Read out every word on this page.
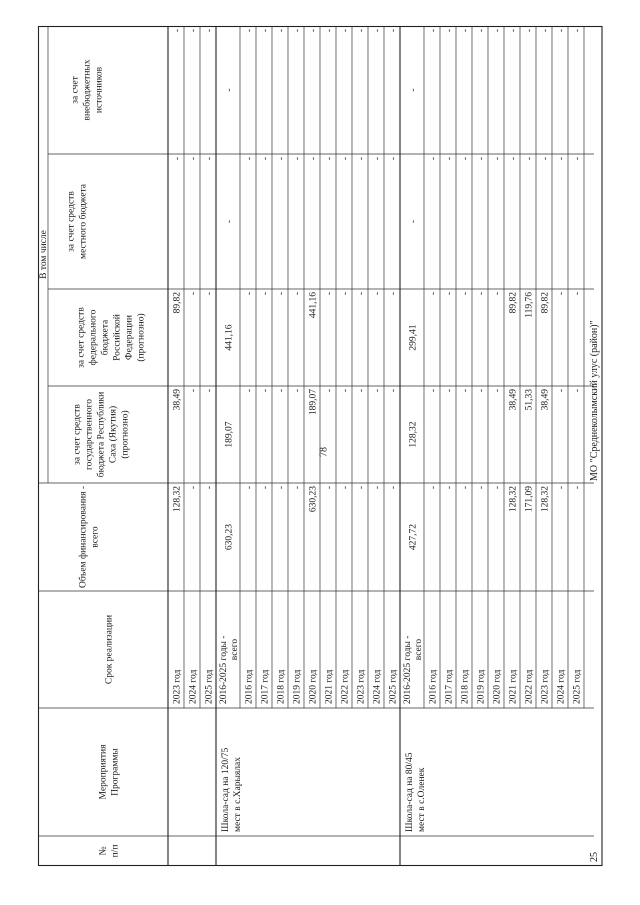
78
№ п/п
Мероприятия Программы
Срок реализации
Объем финансирования - всего
В том числе
за счет средств государственного бюджета Республики Саха (Якутия) (прогнозно)
за счет средств федерального бюджета Российской Федерации (прогнозно)
за счет средств местного бюджета
за счет внебюджетных источников
2023 год
128,32
38,49
89,82
-
-
2024 год
-
-
-
-
-
2025 год
-
-
-
-
-
2016-2025 годы - всего
630,23
189,07
441,16
-
-
2016 год
-
-
-
-
-
2017 год
-
-
-
-
-
2018 год
-
-
-
-
-
2019 год
-
-
-
-
-
2020 год
630,23
189,07
441,16
-
-
2021 год
-
-
-
-
-
2022 год
-
-
-
-
-
2023 год
-
-
-
-
-
2024 год
-
-
-
-
-
2025 год
-
-
-
-
-
2016-2025 годы - всего
427,72
128,32
299,41
-
-
2016 год
-
-
-
-
-
2017 год
-
-
-
-
-
2018 год
-
-
-
-
-
2019 год
-
-
-
-
-
2020 год
-
-
-
-
-
2021 год
128,32
38,49
89,82
-
-
2022 год
171,09
51,33
119,76
-
-
2023 год
128,32
38,49
89,82
-
-
2024 год
-
-
-
-
-
2025 год
-
-
-
-
-
Школа-сад на 120/75 мест в с.Харыялах	Школа-сад на 80/45 мест в с.Оленек
25
МО "Среднеколымский улус (район)"
